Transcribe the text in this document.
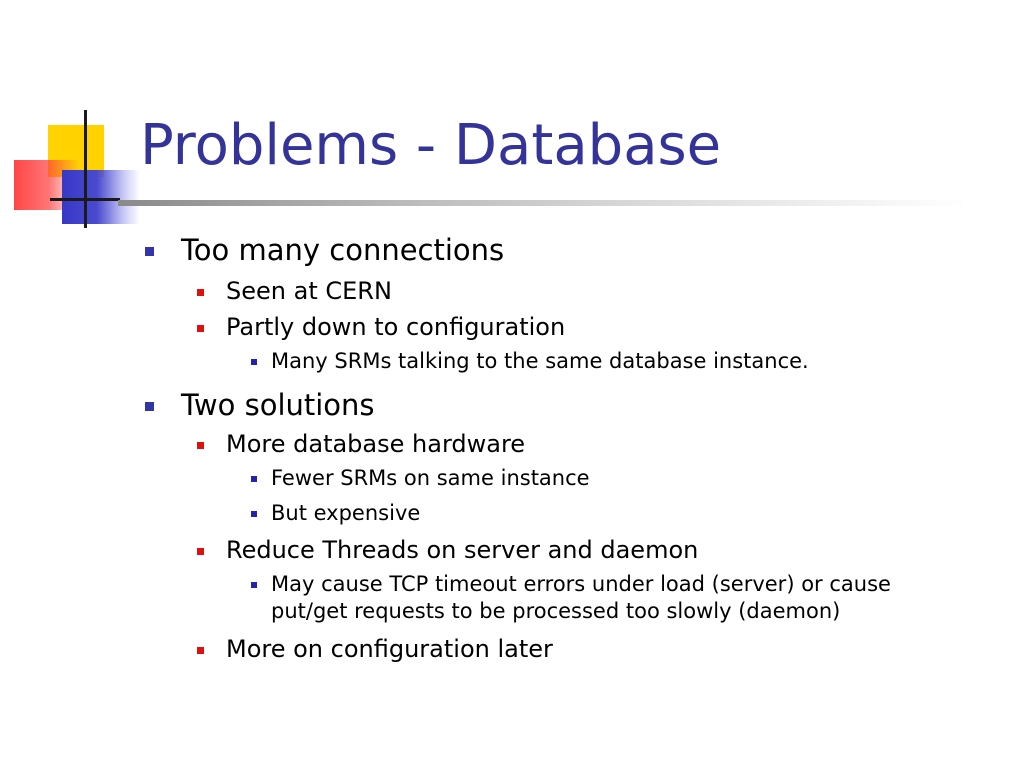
Problems - Database
Too many connections
Seen at CERN
Partly down to configuration
Many SRMs talking to the same database instance.
Two solutions
More database hardware
Fewer SRMs on same instance
But expensive
Reduce Threads on server and daemon
May cause TCP timeout errors under load (server) or cause
put/get requests to be processed too slowly (daemon)
More on configuration later
